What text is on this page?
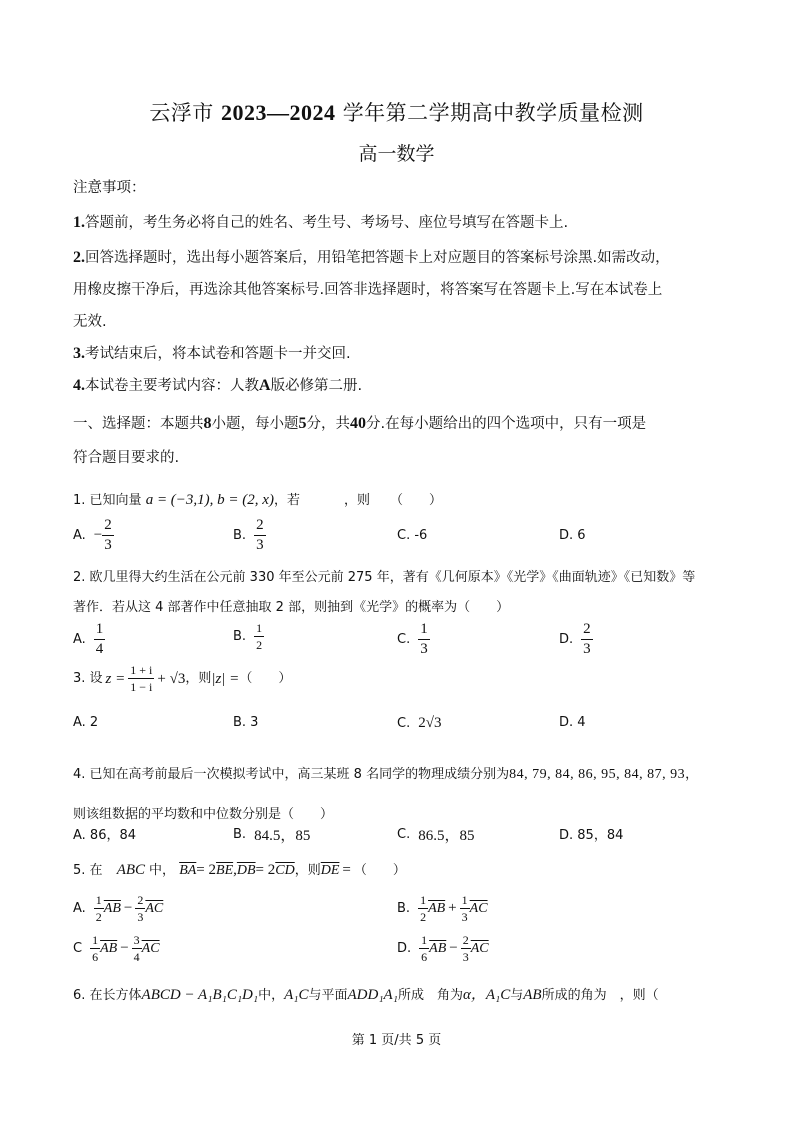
云浮市 2023—2024 学年第二学期高中教学质量检测
高一数学
注意事项：
1.答题前，考生务必将自己的姓名、考生号、考场号、座位号填写在答题卡上.
2.回答选择题时，选出每小题答案后，用铅笔把答题卡上对应题目的答案标号涂黑.如需改动，
用橡皮擦干净后，再选涂其他答案标号.回答非选择题时，将答案写在答题卡上.写在本试卷上
无效.
3.考试结束后，将本试卷和答题卡一并交回.
4.本试卷主要考试内容：人教A版必修第二册.
一、选择题：本题共8小题，每小题5分，共40分.在每小题给出的四个选项中，只有一项是
符合题目要求的.
1. 已知向量 a = (−3,1), b = (2, x)，若	，则 （　　）
A. − $\frac{2}{3}$	B. $\frac{2}{3}$	C. -6	D. 6
2. 欧几里得大约生活在公元前 330 年至公元前 275 年，著有《几何原本》《光学》《曲面轨迹》《已知数》等
著作．若从这 4 部著作中任意抽取 2 部，则抽到《光学》的概率为（　　）
A. $\frac{1}{4}$	B. $\frac{1}{2}$	C. $\frac{1}{3}$	D. $\frac{2}{3}$
3. 设 $z = \frac{1 + i}{1 - i} + √3$ ，则 |z| = （　　）
A. 2	B. 3	C. 2√3	D. 4
4. 已知在高考前最后一次模拟考试中，高三某班 8 名同学的物理成绩分别为84, 79, 84, 86, 95, 84, 87, 93，
则该组数据的平均数和中位数分别是（　　）
A. 86，84	B. 84.5，85	C. 86.5，85	D. 85，84
5. 在 ABC 中， $\overline{BA}= 2\overline{BE},\overline{DB}= 2\overline{CD}$，则$\overline{DE}$ = （　　）
A. $\frac{1}{2} \overline{AB} - \frac{2}{3} \overline{AC}$	B. $\frac{1}{2} \overline{AB} + \frac{1}{3} \overline{AC}$
C $\frac{1}{6} \overline{AB} - \frac{3}{4} \overline{AC}$	D. $\frac{1}{6} \overline{AB} - \frac{2}{3} \overline{AC}$
6. 在长方体ABCD − A₁B₁C₁D₁中，A₁C与平面ADD₁A₁所成　角为α，A₁C与AB所成的角为　，则（
第 1 页/共 5 页
